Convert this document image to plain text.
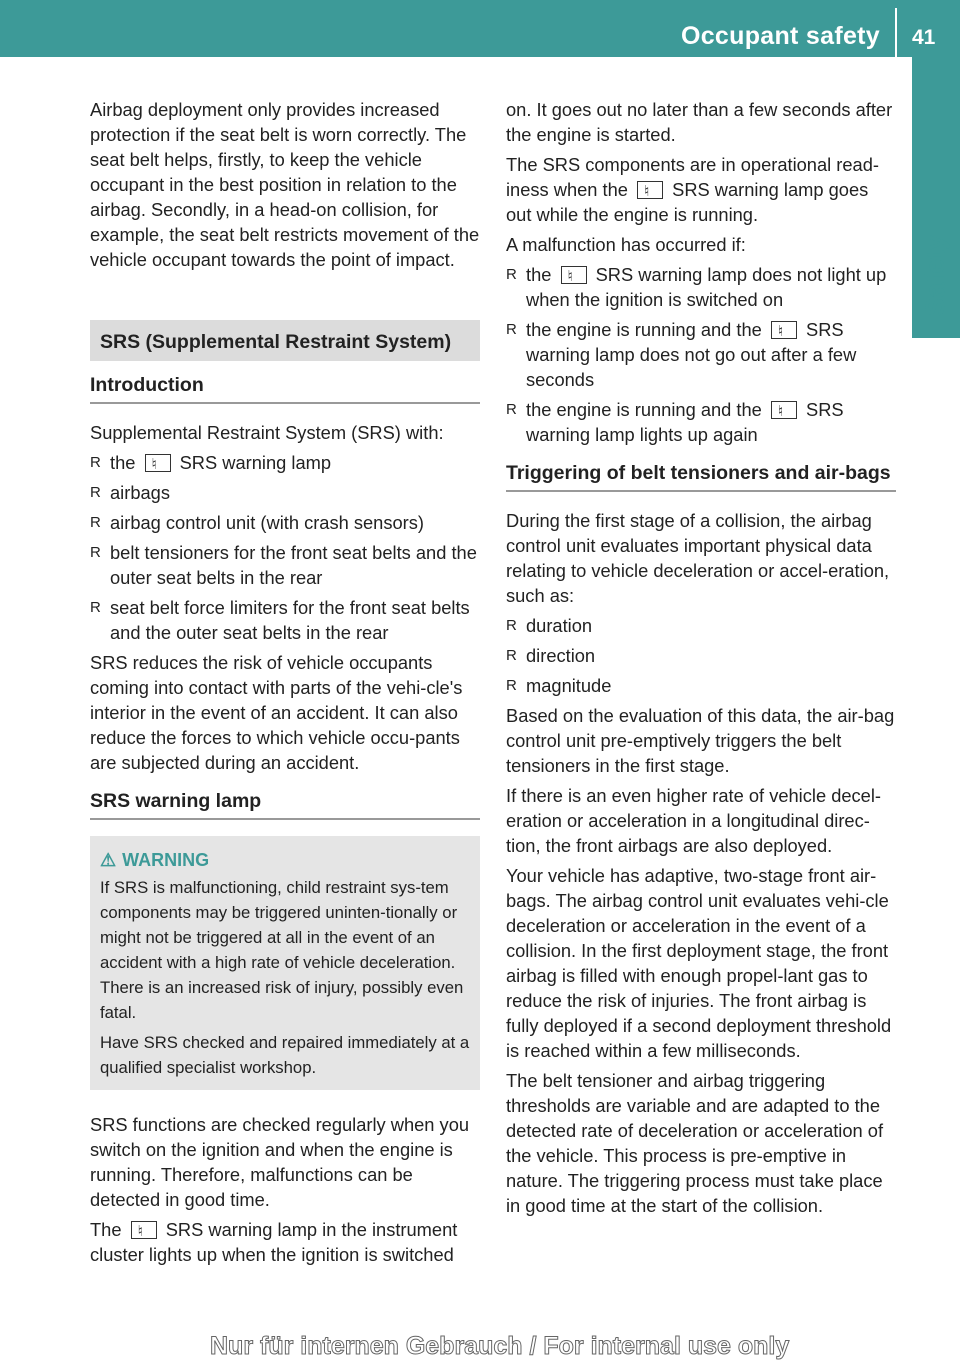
Occupant safety 41
Safety

Airbag deployment only provides increased protection if the seat belt is worn correctly. The seat belt helps, firstly, to keep the vehicle occupant in the best position in relation to the airbag. Secondly, in a head-on collision, for example, the seat belt restricts movement of the vehicle occupant towards the point of impact.

SRS (Supplemental Restraint System)
Introduction

Supplemental Restraint System (SRS) with:

R the ♮ SRS warning lamp
R airbags
R airbag control unit (with crash sensors)
R belt tensioners for the front seat belts and the outer seat belts in the rear
R seat belt force limiters for the front seat belts and the outer seat belts in the rear

SRS reduces the risk of vehicle occupants coming into contact with parts of the vehi-cle's interior in the event of an accident. It can also reduce the forces to which vehicle occu-pants are subjected during an accident.

SRS warning lamp
⚠ WARNING

If SRS is malfunctioning, child restraint sys-tem components may be triggered uninten-tionally or might not be triggered at all in the event of an accident with a high rate of vehicle deceleration. There is an increased risk of injury, possibly even fatal.

Have SRS checked and repaired immediately at a qualified specialist workshop.

SRS functions are checked regularly when you switch on the ignition and when the engine is running. Therefore, malfunctions can be detected in good time.

The ♮ SRS warning lamp in the instrument cluster lights up when the ignition is switched

on. It goes out no later than a few seconds after the engine is started.

The SRS components are in operational read-iness when the ♮ SRS warning lamp goes out while the engine is running.

A malfunction has occurred if:

R the ♮ SRS warning lamp does not light up when the ignition is switched on
R the engine is running and the ♮ SRS warning lamp does not go out after a few seconds
R the engine is running and the ♮ SRS warning lamp lights up again
Triggering of belt tensioners and air-bags

During the first stage of a collision, the airbag control unit evaluates important physical data relating to vehicle deceleration or accel-eration, such as:

R duration
R direction
R magnitude

Based on the evaluation of this data, the air-bag control unit pre-emptively triggers the belt tensioners in the first stage.

If there is an even higher rate of vehicle decel-eration or acceleration in a longitudinal direc-tion, the front airbags are also deployed.

Your vehicle has adaptive, two-stage front air-bags. The airbag control unit evaluates vehi-cle deceleration or acceleration in the event of a collision. In the first deployment stage, the front airbag is filled with enough propel-lant gas to reduce the risk of injuries. The front airbag is fully deployed if a second deployment threshold is reached within a few milliseconds.

The belt tensioner and airbag triggering thresholds are variable and are adapted to the detected rate of deceleration or acceleration of the vehicle. This process is pre-emptive in nature. The triggering process must take place in good time at the start of the collision.

Nur für internen Gebrauch / For internal use only
